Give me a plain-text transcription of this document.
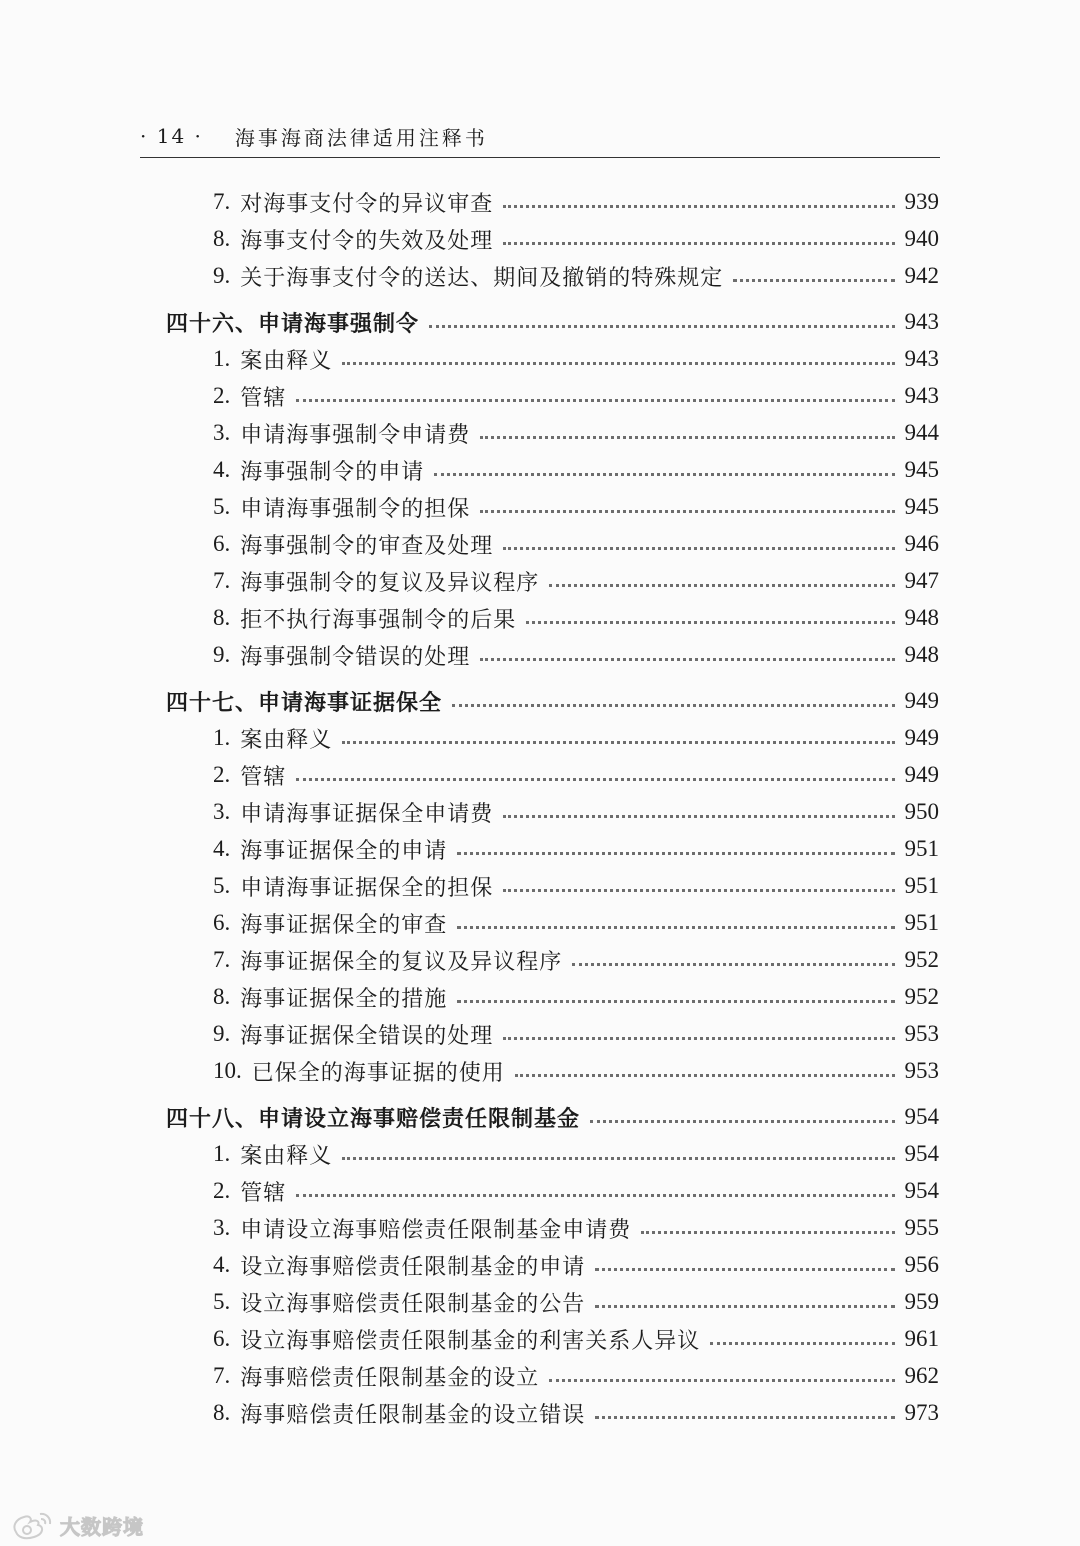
· 14 · 海事海商法律适用注释书
7. 对海事支付令的异议审查	939
8. 海事支付令的失效及处理	940
9. 关于海事支付令的送达、期间及撤销的特殊规定	942
四十六、申请海事强制令	943
1. 案由释义	943
2. 管辖	943
3. 申请海事强制令申请费	944
4. 海事强制令的申请	945
5. 申请海事强制令的担保	945
6. 海事强制令的审查及处理	946
7. 海事强制令的复议及异议程序	947
8. 拒不执行海事强制令的后果	948
9. 海事强制令错误的处理	948
四十七、申请海事证据保全	949
1. 案由释义	949
2. 管辖	949
3. 申请海事证据保全申请费	950
4. 海事证据保全的申请	951
5. 申请海事证据保全的担保	951
6. 海事证据保全的审查	951
7. 海事证据保全的复议及异议程序	952
8. 海事证据保全的措施	952
9. 海事证据保全错误的处理	953
10. 已保全的海事证据的使用	953
四十八、申请设立海事赔偿责任限制基金	954
1. 案由释义	954
2. 管辖	954
3. 申请设立海事赔偿责任限制基金申请费	955
4. 设立海事赔偿责任限制基金的申请	956
5. 设立海事赔偿责任限制基金的公告	959
6. 设立海事赔偿责任限制基金的利害关系人异议	961
7. 海事赔偿责任限制基金的设立	962
8. 海事赔偿责任限制基金的设立错误	973
大数跨境
